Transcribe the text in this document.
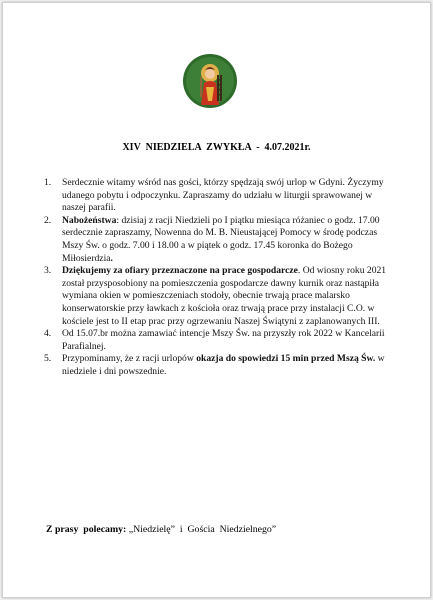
XIV  NIEDZIELA  ZWYKŁA  -  4.07.2021r.
1. Serdecznie witamy wśród nas gości, którzy spędzają swój urlop w Gdyni. Życzymy udanego pobytu i odpoczynku. Zapraszamy do udziału w liturgii sprawowanej w naszej parafii.
2. Nabożeństwa: dzisiaj z racji Niedzieli po I piątku miesiąca różaniec o godz. 17.00 serdecznie zapraszamy, Nowenna do M. B. Nieustającej Pomocy w środę podczas Mszy Św. o godz. 7.00 i 18.00 a w piątek o godz. 17.45 koronka do Bożego Miłosierdzia.
3. Dziękujemy za ofiary przeznaczone na prace gospodarcze. Od wiosny roku 2021 został przysposobiony na pomieszczenia gospodarcze dawny kurnik oraz nastąpiła wymiana okien w pomieszczeniach stodoły, obecnie trwają prace malarsko konserwatorskie przy ławkach z kościoła oraz trwają prace przy instalacji C.O. w kościele jest to II etap prac przy ogrzewaniu Naszej Świątyni z zaplanowanych III.
4. Od 15.07.br można zamawiać intencje Mszy Św. na przyszły rok 2022 w Kancelarii Parafialnej.
5. Przypominamy, że z racji urlopów okazja do spowiedzi 15 min przed Mszą Św. w niedziele i dni powszednie.
Z prasy  polecamy: „Niedzielę”  i  Gościa  Niedzielnego”
